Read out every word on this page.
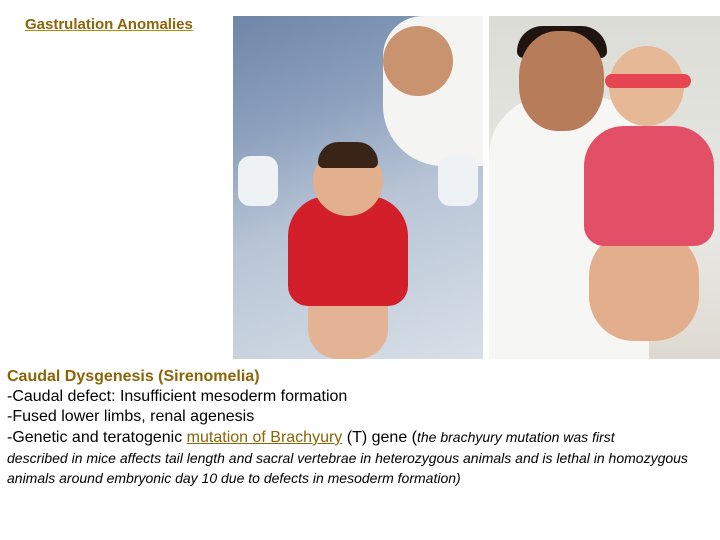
Gastrulation Anomalies
Caudal Dysgenesis (Sirenomelia)
-Caudal defect: Insufficient mesoderm formation
-Fused lower limbs, renal agenesis
-Genetic and teratogenic mutation of Brachyury (T) gene (the brachyury mutation was first
described in mice affects tail length and sacral vertebrae in heterozygous animals and is lethal in homozygous animals around embryonic day 10 due to defects in mesoderm formation)
